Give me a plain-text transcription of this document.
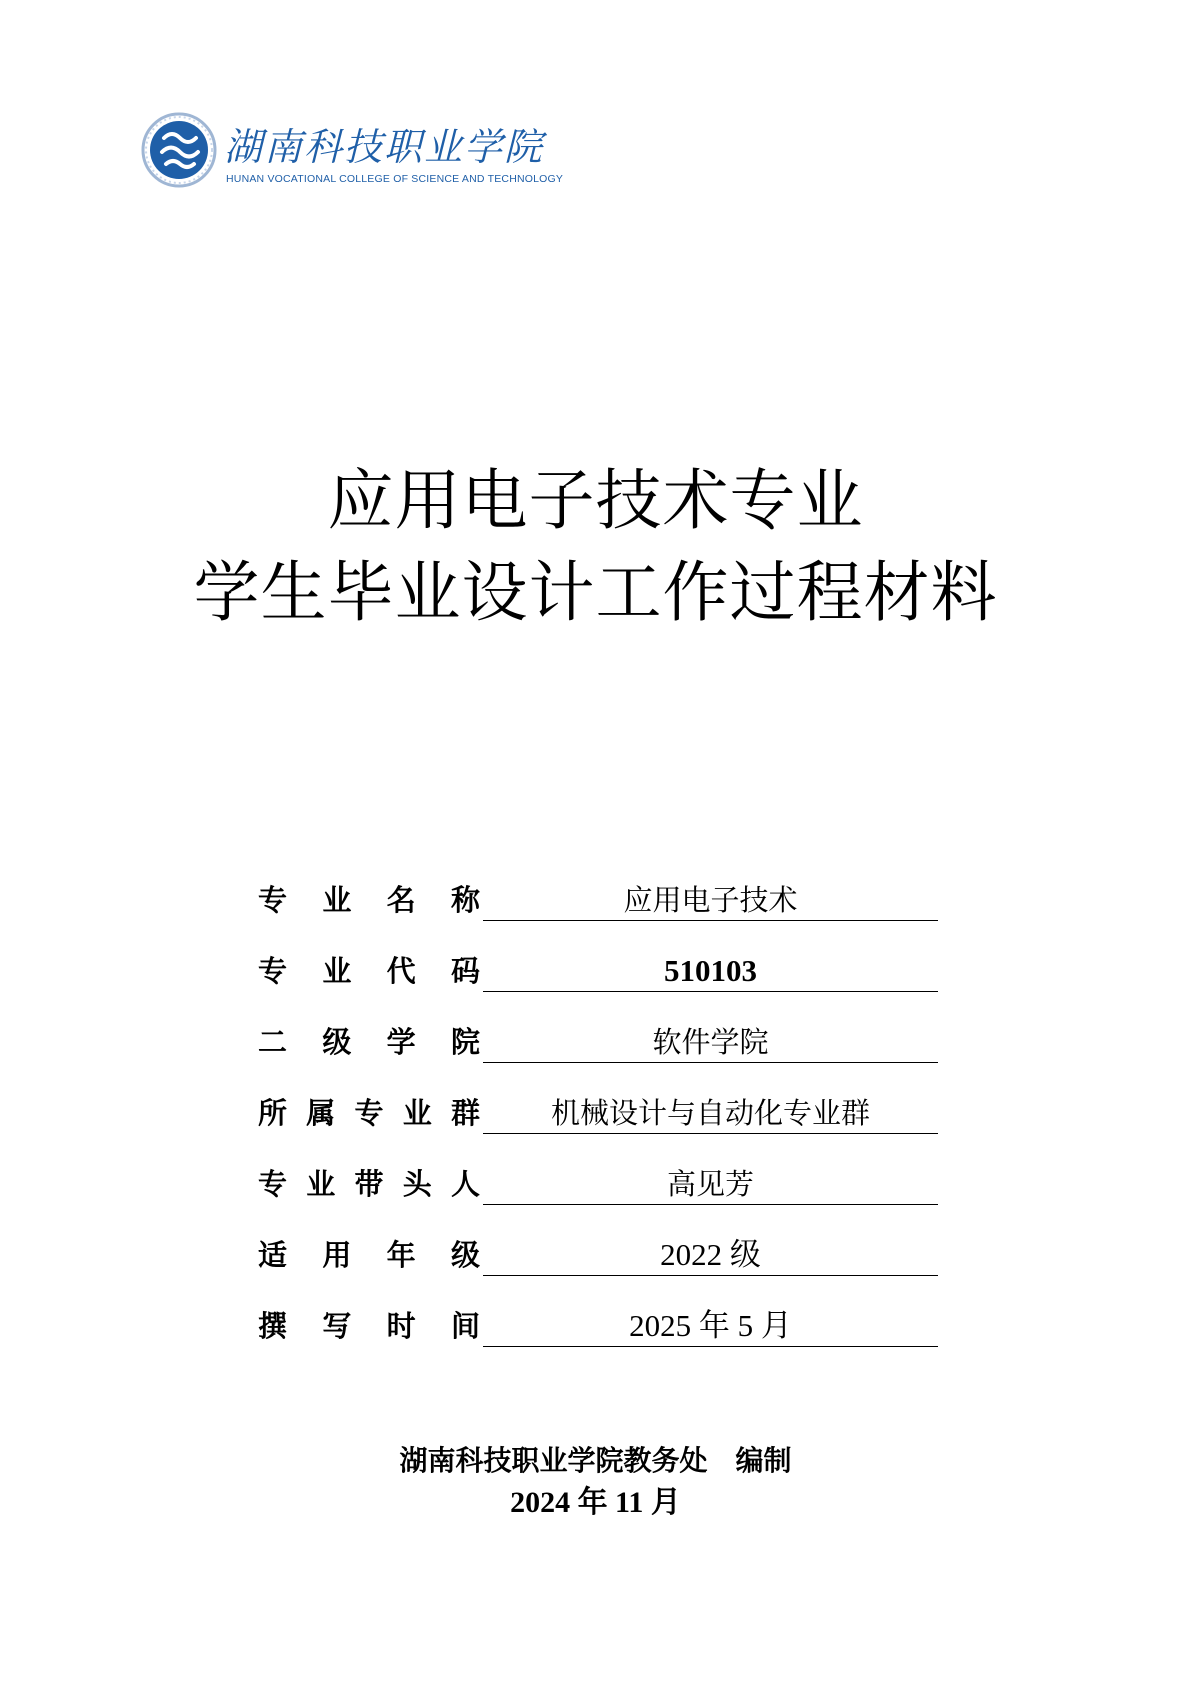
湖南科技职业学院
HUNAN VOCATIONAL COLLEGE OF SCIENCE AND TECHNOLOGY
应用电子技术专业
学生毕业设计工作过程材料
专 业 名 称	应用电子技术
专 业 代 码	510103
二 级 学 院	软件学院
所 属 专 业 群	机械设计与自动化专业群
专 业 带 头 人	高见芳
适 用 年 级	2022 级
撰 写 时 间	2025 年 5 月
湖南科技职业学院教务处　编制
2024 年 11 月
